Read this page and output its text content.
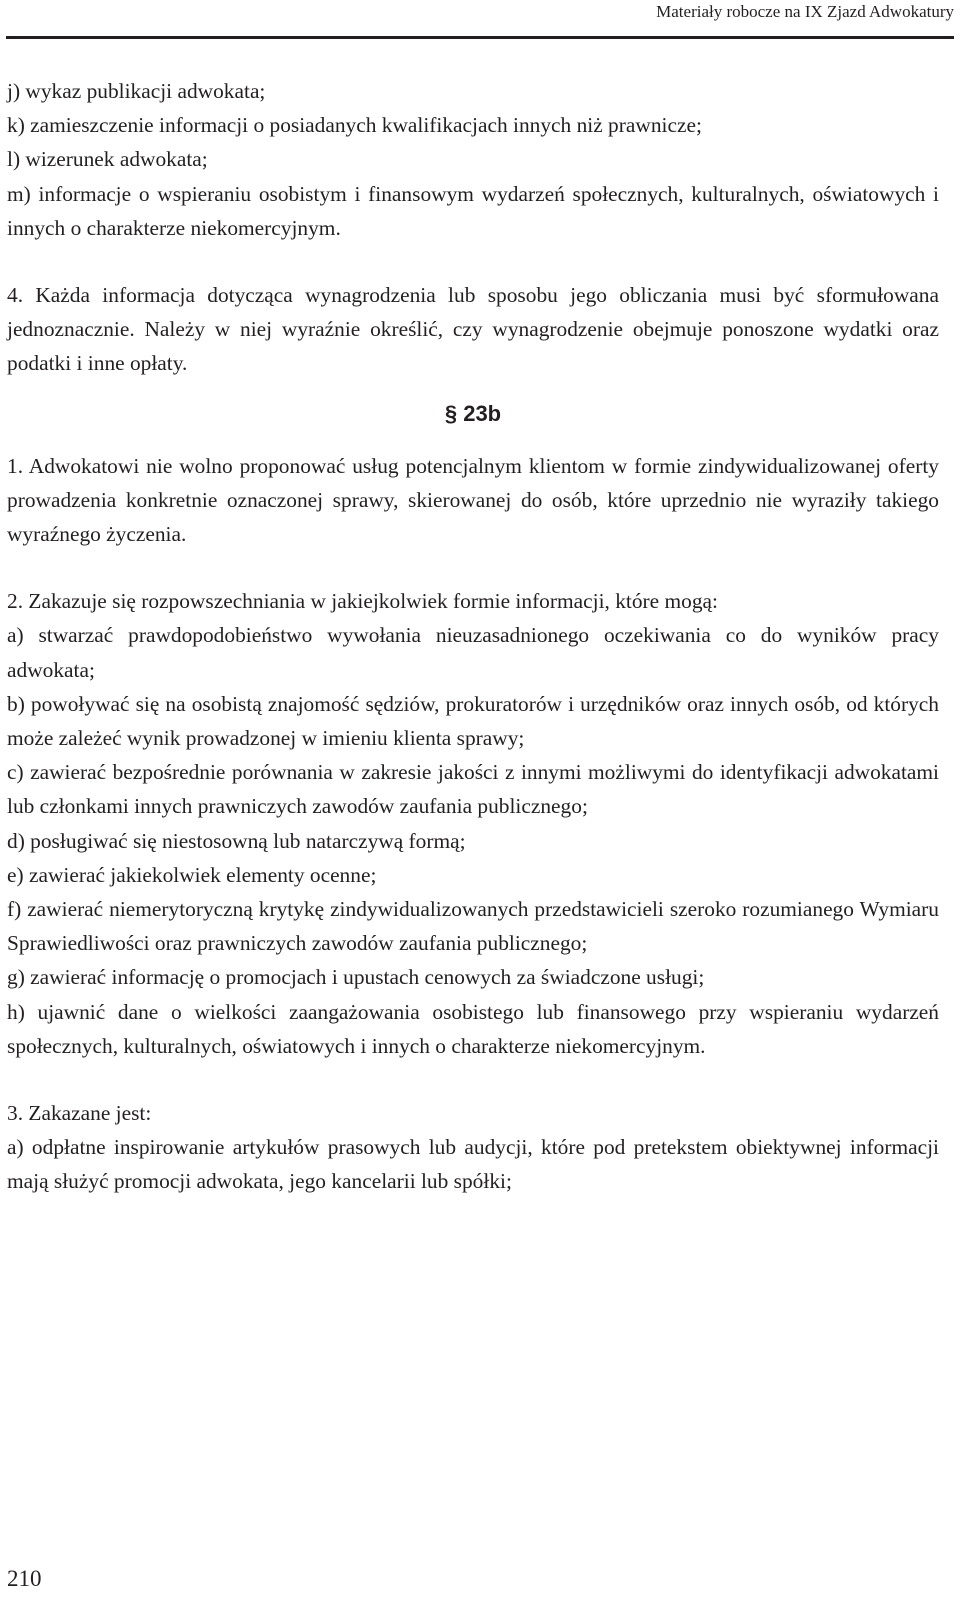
Materiały robocze na IX Zjazd Adwokatury

j) wykaz publikacji adwokata;

k) zamieszczenie informacji o posiadanych kwalifikacjach innych niż prawnicze;

l) wizerunek adwokata;

m) informacje o wspieraniu osobistym i finansowym wydarzeń społecznych, kulturalnych, oświatowych i innych o charakterze niekomercyjnym.

4. Każda informacja dotycząca wynagrodzenia lub sposobu jego obliczania musi być sformułowana jednoznacznie. Należy w niej wyraźnie określić, czy wynagrodzenie obejmuje ponoszone wydatki oraz podatki i inne opłaty.

§ 23b

1. Adwokatowi nie wolno proponować usług potencjalnym klientom w formie zindywidualizowanej oferty prowadzenia konkretnie oznaczonej sprawy, skierowanej do osób, które uprzednio nie wyraziły takiego wyraźnego życzenia.

2. Zakazuje się rozpowszechniania w jakiejkolwiek formie informacji, które mogą:

a) stwarzać prawdopodobieństwo wywołania nieuzasadnionego oczekiwania co do wyników pracy adwokata;

b) powoływać się na osobistą znajomość sędziów, prokuratorów i urzędników oraz innych osób, od których może zależeć wynik prowadzonej w imieniu klienta sprawy;

c) zawierać bezpośrednie porównania w zakresie jakości z innymi możliwymi do identyfikacji adwokatami lub członkami innych prawniczych zawodów zaufania publicznego;

d) posługiwać się niestosowną lub natarczywą formą;

e) zawierać jakiekolwiek elementy ocenne;

f) zawierać niemerytoryczną krytykę zindywidualizowanych przedstawicieli szeroko rozumianego Wymiaru Sprawiedliwości oraz prawniczych zawodów zaufania publicznego;

g) zawierać informację o promocjach i upustach cenowych za świadczone usługi;

h) ujawnić dane o wielkości zaangażowania osobistego lub finansowego przy wspieraniu wydarzeń społecznych, kulturalnych, oświatowych i innych o charakterze niekomercyjnym.

3. Zakazane jest:

a) odpłatne inspirowanie artykułów prasowych lub audycji, które pod pretekstem obiektywnej informacji mają służyć promocji adwokata, jego kancelarii lub spółki;

210
